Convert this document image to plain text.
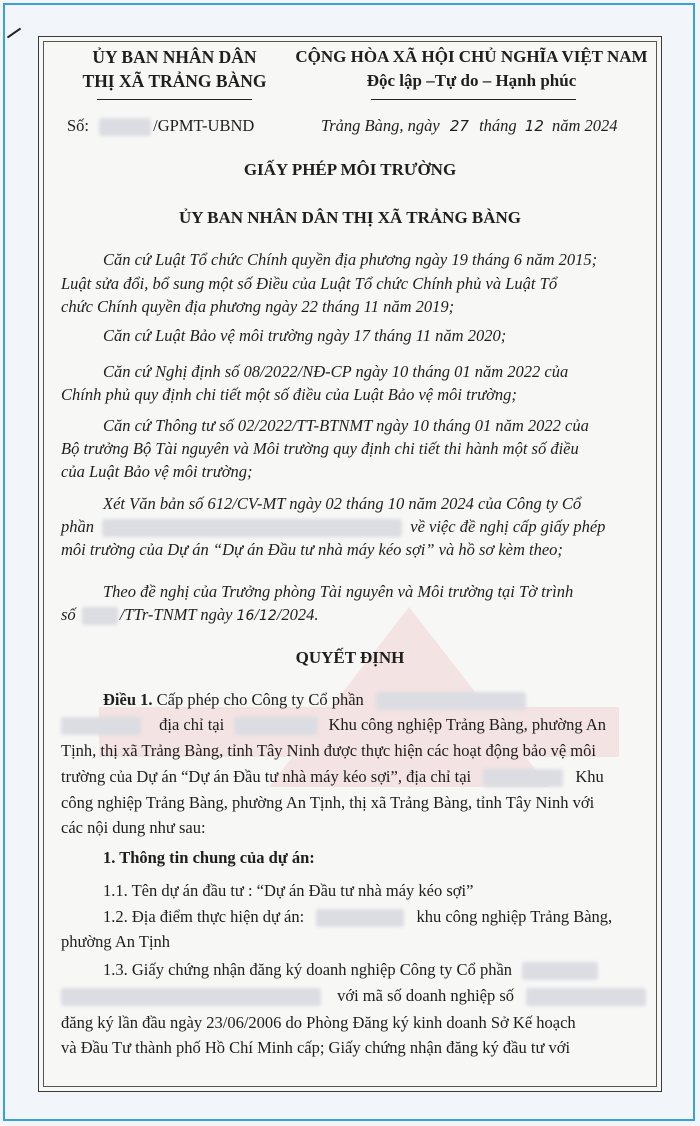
ỦY BAN NHÂN DÂN
THỊ XÃ TRẢNG BÀNG
CỘNG HÒA XÃ HỘI CHỦ NGHĨA VIỆT NAM
Độc lập –Tự do – Hạnh phúc
Số:	/GPMT-UBND	Trảng Bàng, ngày 27 tháng 12 năm 2024
GIẤY PHÉP MÔI TRƯỜNG
ỦY BAN NHÂN DÂN THỊ XÃ TRẢNG BÀNG
Căn cứ Luật Tổ chức Chính quyền địa phương ngày 19 tháng 6 năm 2015;
Luật sửa đổi, bổ sung một số Điều của Luật Tổ chức Chính phủ và Luật Tổ
chức Chính quyền địa phương ngày 22 tháng 11 năm 2019;
Căn cứ Luật Bảo vệ môi trường ngày 17 tháng 11 năm 2020;
Căn cứ Nghị định số 08/2022/NĐ-CP ngày 10 tháng 01 năm 2022 của
Chính phủ quy định chi tiết một số điều của Luật Bảo vệ môi trường;
Căn cứ Thông tư số 02/2022/TT-BTNMT ngày 10 tháng 01 năm 2022 của
Bộ trưởng Bộ Tài nguyên và Môi trường quy định chi tiết thi hành một số điều
của Luật Bảo vệ môi trường;
Xét Văn bản số 612/CV-MT ngày 02 tháng 10 năm 2024 của Công ty Cổ
phần	về việc đề nghị cấp giấy phép
môi trường của Dự án “Dự án Đầu tư nhà máy kéo sợi” và hồ sơ kèm theo;
Theo đề nghị của Trưởng phòng Tài nguyên và Môi trường tại Tờ trình
số	/TTr-TNMT ngày 16/12/2024.
QUYẾT ĐỊNH
Điều 1. Cấp phép cho Công ty Cổ phần
địa chỉ tại	Khu công nghiệp Trảng Bàng, phường An
Tịnh, thị xã Trảng Bàng, tỉnh Tây Ninh được thực hiện các hoạt động bảo vệ môi
trường của Dự án “Dự án Đầu tư nhà máy kéo sợi”, địa chỉ tại	Khu
công nghiệp Trảng Bàng, phường An Tịnh, thị xã Trảng Bàng, tỉnh Tây Ninh với
các nội dung như sau:
1. Thông tin chung của dự án:
1.1. Tên dự án đầu tư : “Dự án Đầu tư nhà máy kéo sợi”
1.2. Địa điểm thực hiện dự án:	khu công nghiệp Trảng Bàng,
phường An Tịnh
1.3. Giấy chứng nhận đăng ký doanh nghiệp Công ty Cổ phần
với mã số doanh nghiệp số
đăng ký lần đầu ngày 23/06/2006 do Phòng Đăng ký kinh doanh Sở Kế hoạch
và Đầu Tư thành phố Hồ Chí Minh cấp; Giấy chứng nhận đăng ký đầu tư với
